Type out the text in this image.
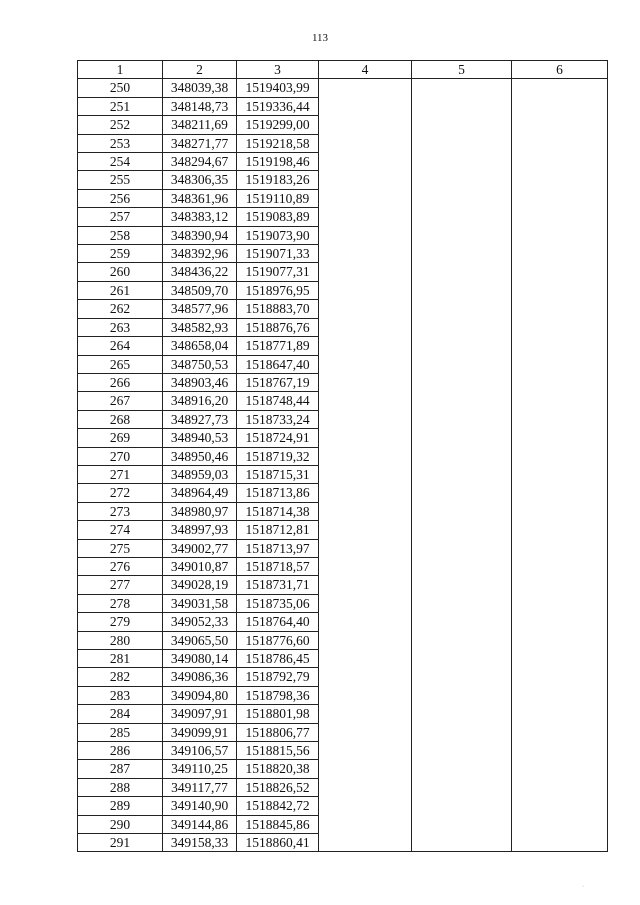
113
1	2	3	4	5	6
250	348039,38	1519403,99			
251	348148,73	1519336,44			
252	348211,69	1519299,00			
253	348271,77	1519218,58			
254	348294,67	1519198,46			
255	348306,35	1519183,26			
256	348361,96	1519110,89			
257	348383,12	1519083,89			
258	348390,94	1519073,90			
259	348392,96	1519071,33			
260	348436,22	1519077,31			
261	348509,70	1518976,95			
262	348577,96	1518883,70			
263	348582,93	1518876,76			
264	348658,04	1518771,89			
265	348750,53	1518647,40			
266	348903,46	1518767,19			
267	348916,20	1518748,44			
268	348927,73	1518733,24			
269	348940,53	1518724,91			
270	348950,46	1518719,32			
271	348959,03	1518715,31			
272	348964,49	1518713,86			
273	348980,97	1518714,38			
274	348997,93	1518712,81			
275	349002,77	1518713,97			
276	349010,87	1518718,57			
277	349028,19	1518731,71			
278	349031,58	1518735,06			
279	349052,33	1518764,40			
280	349065,50	1518776,60			
281	349080,14	1518786,45			
282	349086,36	1518792,79			
283	349094,80	1518798,36			
284	349097,91	1518801,98			
285	349099,91	1518806,77			
286	349106,57	1518815,56			
287	349110,25	1518820,38			
288	349117,77	1518826,52			
289	349140,90	1518842,72			
290	349144,86	1518845,86			
291	349158,33	1518860,41			
·
